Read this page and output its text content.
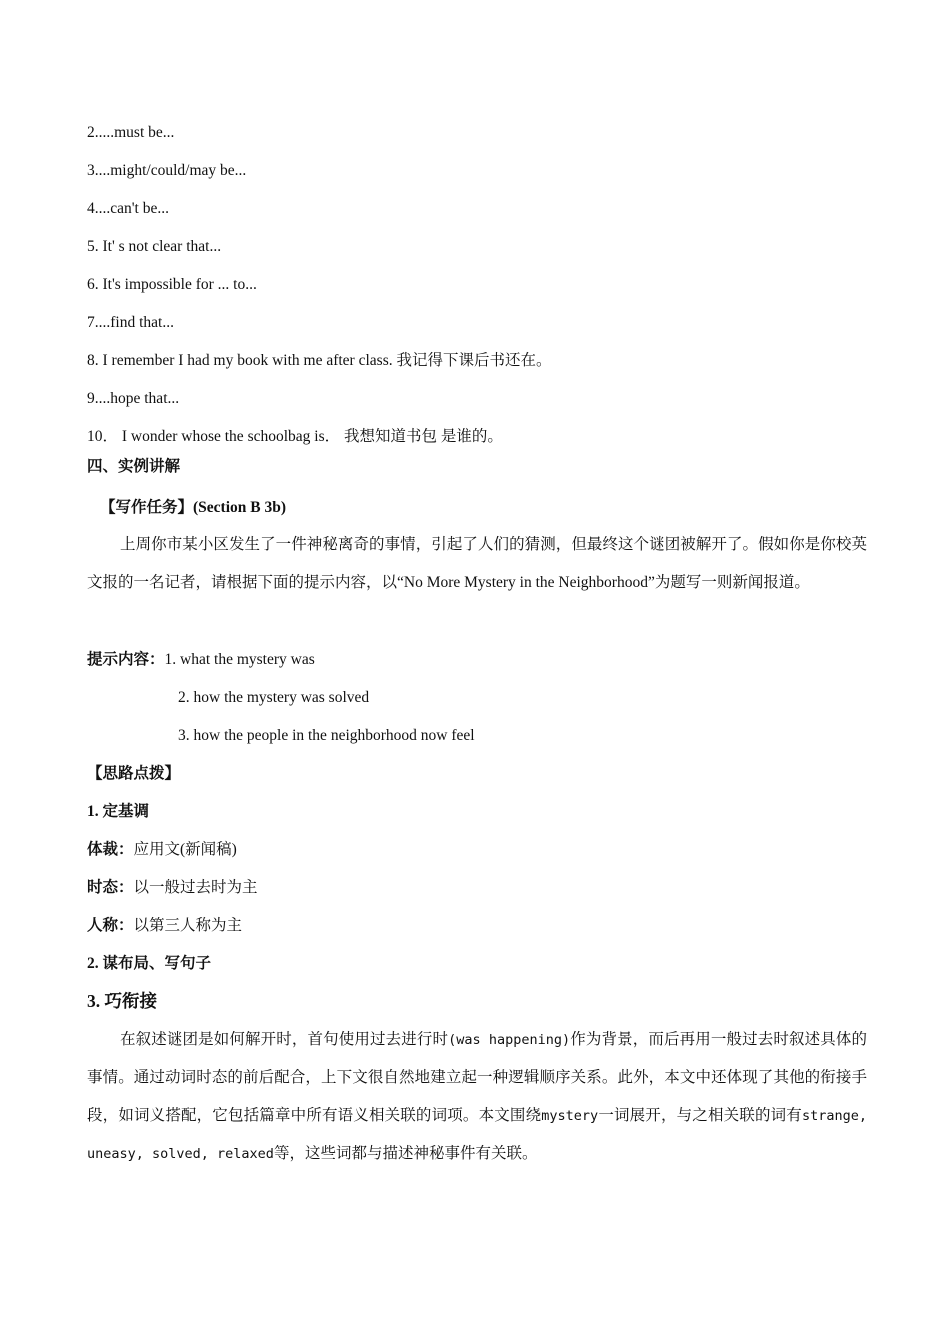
2.....must be...
3....might/could/may be...
4....can't be...
5. It' s not clear that...
6. It's impossible for ... to...
7....find that...
8. I remember I had my book with me after class. 我记得下课后书还在。
9....hope that...
10． I wonder whose the schoolbag is． 我想知道书包 是谁的。
四、实例讲解
【写作任务】(Section B 3b)
上周你市某小区发生了一件神秘离奇的事情，引起了人们的猜测，但最终这个谜团被解开了。假如你是你校英文报的一名记者，请根据下面的提示内容，以“No More Mystery in the Neighborhood”为题写一则新闻报道。
提示内容：1. what the mystery was
2. how the mystery was solved
3. how the people in the neighborhood now feel
【思路点拨】
1. 定基调
体裁：应用文(新闻稿)
时态：以一般过去时为主
人称：以第三人称为主
2. 谋布局、写句子
3. 巧衔接
在叙述谜团是如何解开时，首句使用过去进行时(was happening)作为背景，而后再用一般过去时叙述具体的事情。通过动词时态的前后配合，上下文很自然地建立起一种逻辑顺序关系。此外，本文中还体现了其他的衔接手段，如词义搭配，它包括篇章中所有语义相关联的词项。本文围绕mystery一词展开，与之相关联的词有strange, uneasy, solved, relaxed等，这些词都与描述神秘事件有关联。
